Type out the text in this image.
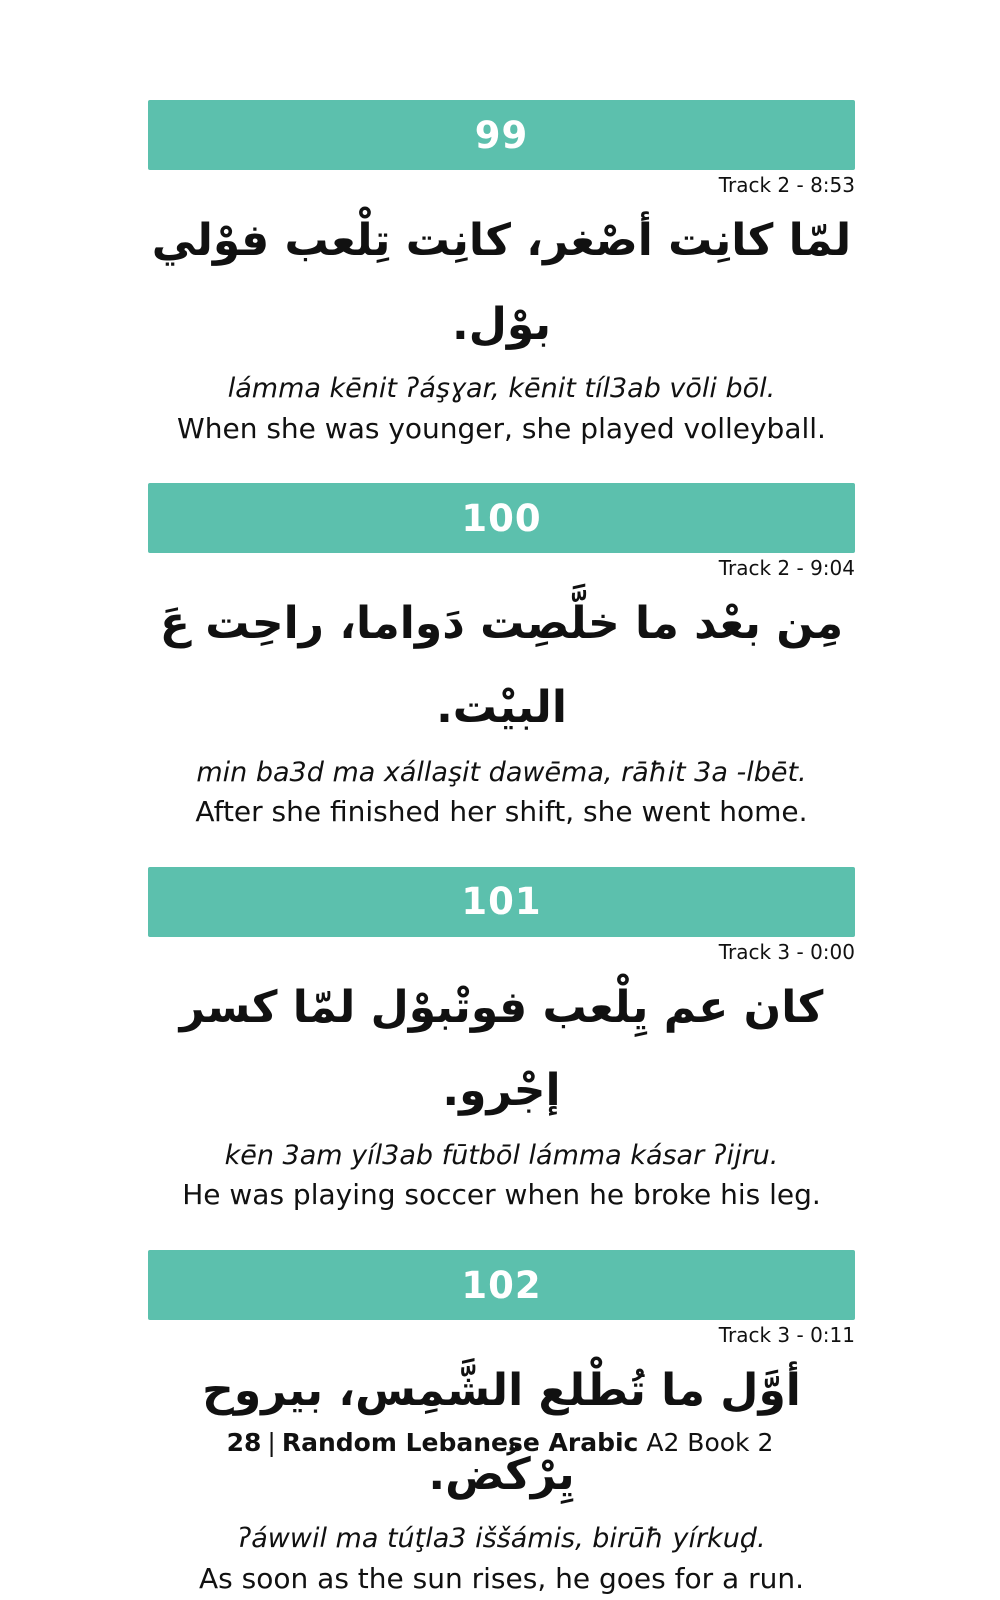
99
Track 2 - 8:53
لمّا كانِت أصْغر، كانِت تِلْعب فوْلي بوْل.
lámma kēnit ʔáşɣar, kēnit tíl3ab vōli bōl.
When she was younger, she played volleyball.
100
Track 2 - 9:04
مِن بعْد ما خلَّصِت دَواما، راحِت عَ البيْت.
min ba3d ma xállaşit dawēma, rāħit 3a -lbēt.
After she finished her shift, she went home.
101
Track 3 - 0:00
كان عم يِلْعب فوتْبوْل لمّا كسر إجْرو.
kēn 3am yíl3ab fūtbōl lámma kásar ʔijru.
He was playing soccer when he broke his leg.
102
Track 3 - 0:11
أوَّل ما تُطْلع الشَّمِس، بيروح يِرْكُض.
ʔáwwil ma túţla3 iššámis, birūħ yírkuḑ.
As soon as the sun rises, he goes for a run.
28 | Random Lebanese Arabic A2 Book 2
